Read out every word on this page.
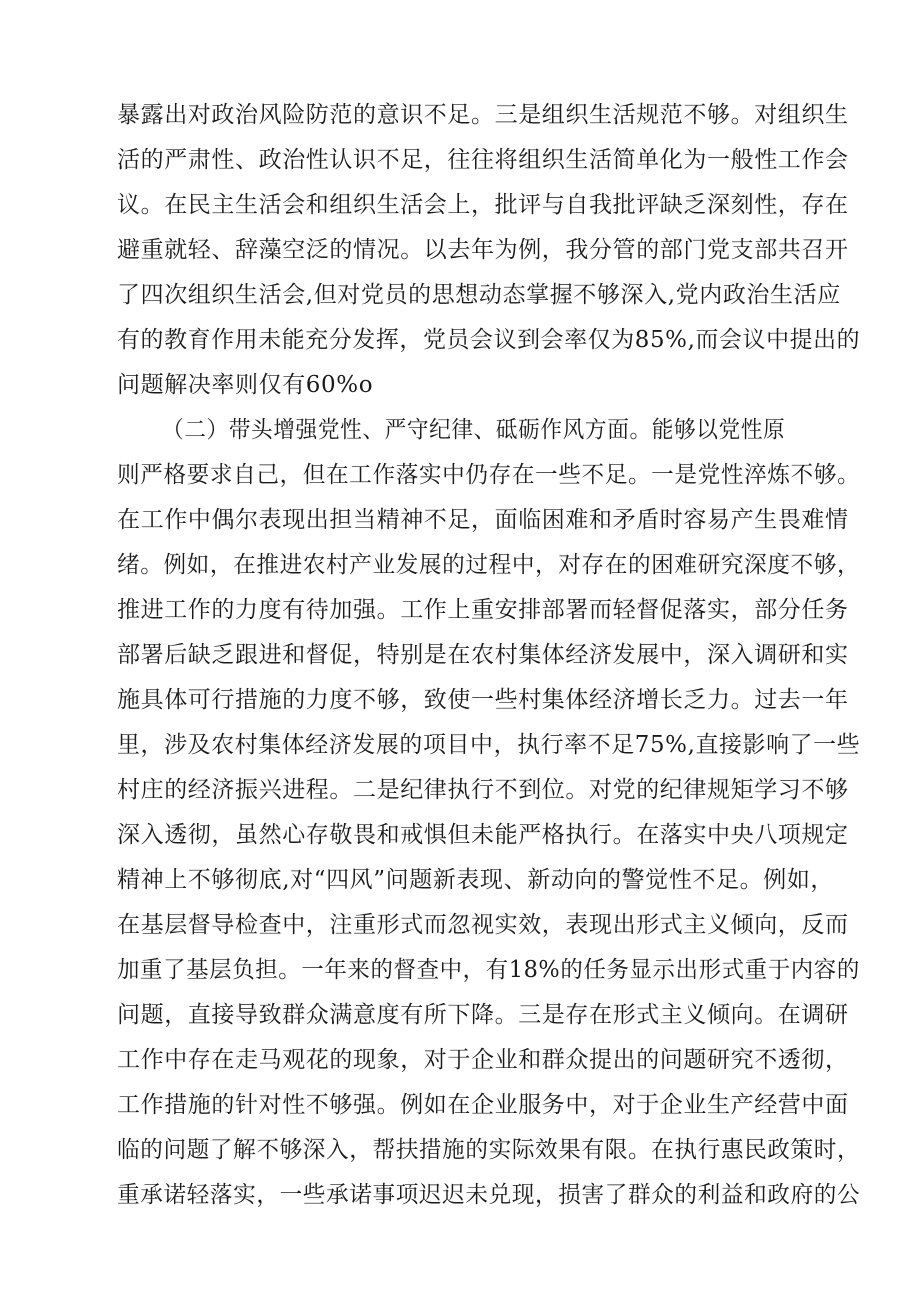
暴露出对政治风险防范的意识不足。三是组织生活规范不够。对组织生

活的严肃性、政治性认识不足，往往将组织生活简单化为一般性工作会

议。在民主生活会和组织生活会上，批评与自我批评缺乏深刻性，存在

避重就轻、辞藻空泛的情况。以去年为例，我分管的部门党支部共召开

了四次组织生活会,但对党员的思想动态掌握不够深入,党内政治生活应

有的教育作用未能充分发挥，党员会议到会率仅为85%,而会议中提出的

问题解决率则仅有60%o

（二）带头增强党性、严守纪律、砥砺作风方面。能够以党性原

则严格要求自己，但在工作落实中仍存在一些不足。一是党性淬炼不够。

在工作中偶尔表现出担当精神不足，面临困难和矛盾时容易产生畏难情

绪。例如，在推进农村产业发展的过程中，对存在的困难研究深度不够，

推进工作的力度有待加强。工作上重安排部署而轻督促落实，部分任务

部署后缺乏跟进和督促，特别是在农村集体经济发展中，深入调研和实

施具体可行措施的力度不够，致使一些村集体经济增长乏力。过去一年

里，涉及农村集体经济发展的项目中，执行率不足75%,直接影响了一些

村庄的经济振兴进程。二是纪律执行不到位。对党的纪律规矩学习不够

深入透彻，虽然心存敬畏和戒惧但未能严格执行。在落实中央八项规定

精神上不够彻底,对“四风”问题新表现、新动向的警觉性不足。例如，

在基层督导检查中，注重形式而忽视实效，表现出形式主义倾向，反而

加重了基层负担。一年来的督查中，有18%的任务显示出形式重于内容的

问题，直接导致群众满意度有所下降。三是存在形式主义倾向。在调研

工作中存在走马观花的现象，对于企业和群众提出的问题研究不透彻，

工作措施的针对性不够强。例如在企业服务中，对于企业生产经营中面

临的问题了解不够深入，帮扶措施的实际效果有限。在执行惠民政策时，

重承诺轻落实，一些承诺事项迟迟未兑现，损害了群众的利益和政府的公
